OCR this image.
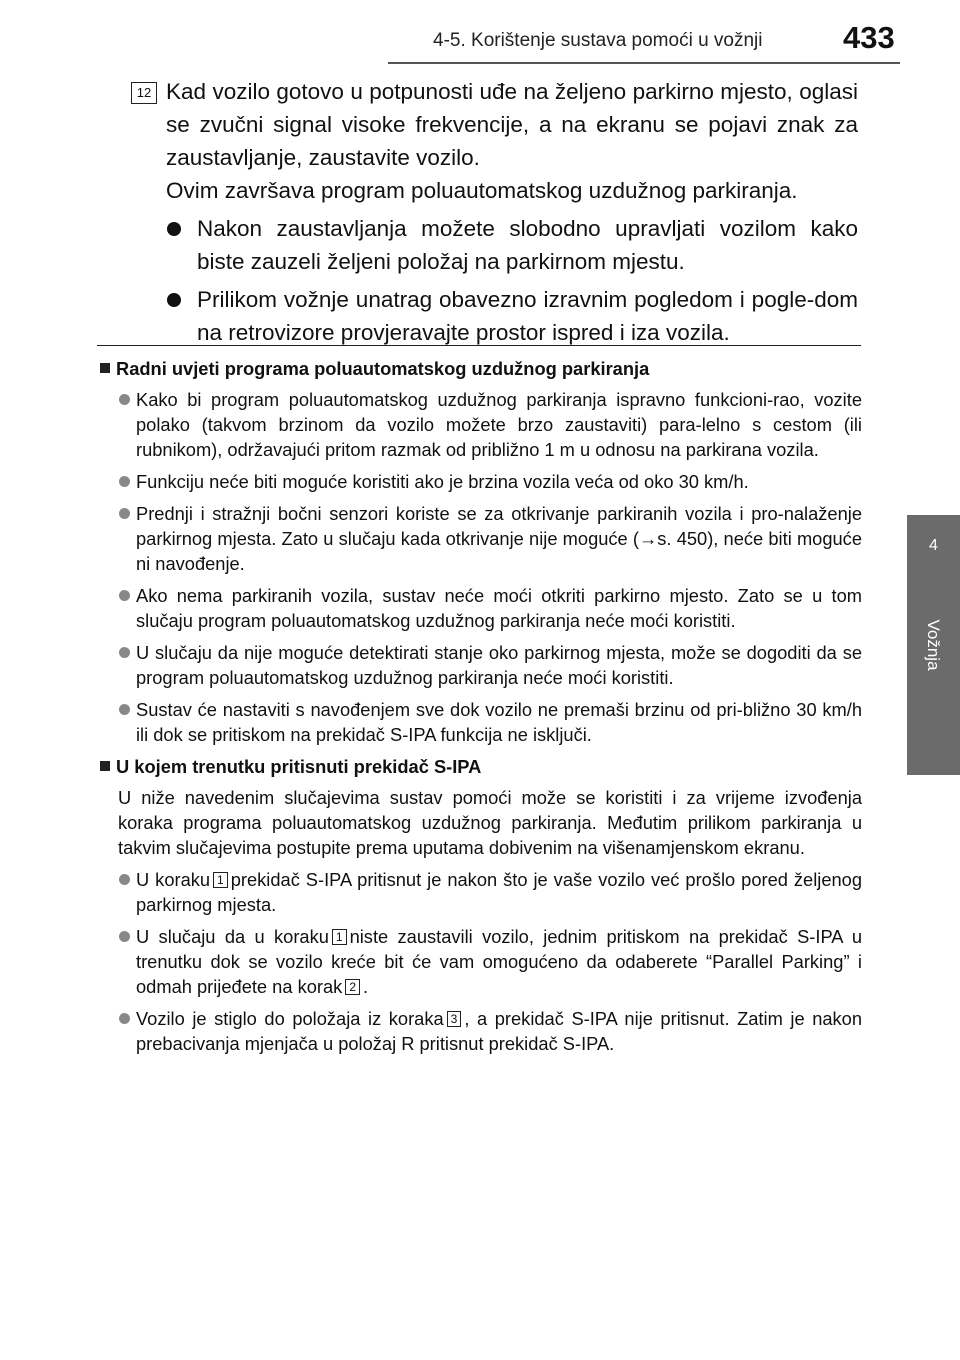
4-5. Korištenje sustava pomoći u vožnji	433
4
Vožnja
12 Kad vozilo gotovo u potpunosti uđe na željeno parkirno mjesto, oglasi se zvučni signal visoke frekvencije, a na ekranu se pojavi znak za zaustavljanje, zaustavite vozilo.

Ovim završava program poluautomatskog uzdužnog parkiranja.

Nakon zaustavljanja možete slobodno upravljati vozilom kako biste zauzeli željeni položaj na parkirnom mjestu.
Prilikom vožnje unatrag obavezno izravnim pogledom i pogle-dom na retrovizore provjeravajte prostor ispred i iza vozila.
Radni uvjeti programa poluautomatskog uzdužnog parkiranja
Kako bi program poluautomatskog uzdužnog parkiranja ispravno funkcioni-rao, vozite polako (takvom brzinom da vozilo možete brzo zaustaviti) para-lelno s cestom (ili rubnikom), održavajući pritom razmak od približno 1 m u odnosu na parkirana vozila.
Funkciju neće biti moguće koristiti ako je brzina vozila veća od oko 30 km/h.
Prednji i stražnji bočni senzori koriste se za otkrivanje parkiranih vozila i pro-nalaženje parkirnog mjesta. Zato u slučaju kada otkrivanje nije moguće (→s. 450), neće biti moguće ni navođenje.
Ako nema parkiranih vozila, sustav neće moći otkriti parkirno mjesto. Zato se u tom slučaju program poluautomatskog uzdužnog parkiranja neće moći koristiti.
U slučaju da nije moguće detektirati stanje oko parkirnog mjesta, može se dogoditi da se program poluautomatskog uzdužnog parkiranja neće moći koristiti.
Sustav će nastaviti s navođenjem sve dok vozilo ne premaši brzinu od pri-bližno 30 km/h ili dok se pritiskom na prekidač S-IPA funkcija ne isključi.
U kojem trenutku pritisnuti prekidač S-IPA

U niže navedenim slučajevima sustav pomoći može se koristiti i za vrijeme izvođenja koraka programa poluautomatskog uzdužnog parkiranja. Međutim prilikom parkiranja u takvim slučajevima postupite prema uputama dobivenim na višenamjenskom ekranu.

U koraku 1 prekidač S-IPA pritisnut je nakon što je vaše vozilo već prošlo pored željenog parkirnog mjesta.
U slučaju da u koraku 1 niste zaustavili vozilo, jednim pritiskom na prekidač S-IPA u trenutku dok se vozilo kreće bit će vam omogućeno da odaberete “Parallel Parking” i odmah prijeđete na korak 2 .
Vozilo je stiglo do položaja iz koraka 3 , a prekidač S-IPA nije pritisnut. Zatim je nakon prebacivanja mjenjača u položaj R pritisnut prekidač S-IPA.
